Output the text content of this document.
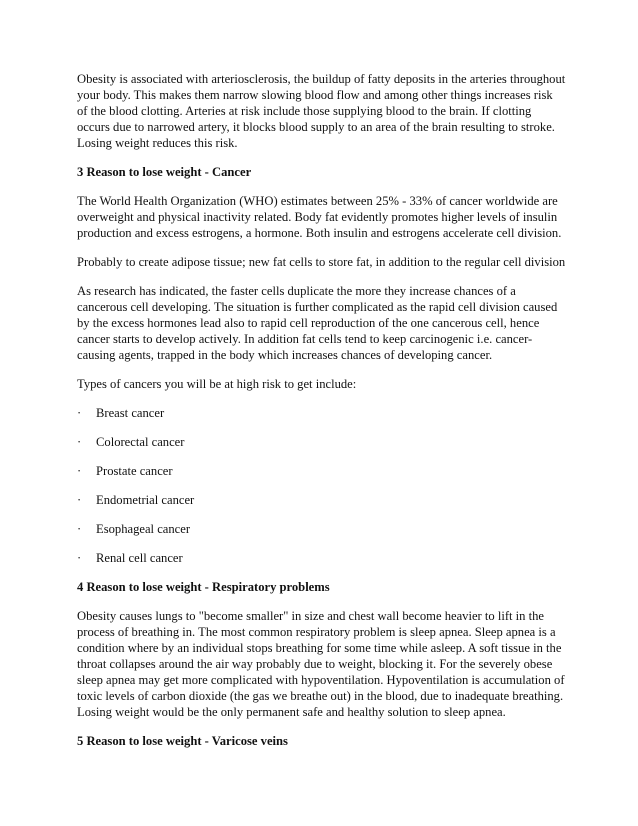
Obesity is associated with arteriosclerosis, the buildup of fatty deposits in the arteries throughout your body. This makes them narrow slowing blood flow and among other things increases risk of the blood clotting. Arteries at risk include those supplying blood to the brain. If clotting occurs due to narrowed artery, it blocks blood supply to an area of the brain resulting to stroke. Losing weight reduces this risk.

3 Reason to lose weight - Cancer

The World Health Organization (WHO) estimates between 25% - 33% of cancer worldwide are overweight and physical inactivity related. Body fat evidently promotes higher levels of insulin production and excess estrogens, a hormone. Both insulin and estrogens accelerate cell division.

Probably to create adipose tissue; new fat cells to store fat, in addition to the regular cell division

As research has indicated, the faster cells duplicate the more they increase chances of a cancerous cell developing. The situation is further complicated as the rapid cell division caused by the excess hormones lead also to rapid cell reproduction of the one cancerous cell, hence cancer starts to develop actively. In addition fat cells tend to keep carcinogenic i.e. cancer-causing agents, trapped in the body which increases chances of developing cancer.

Types of cancers you will be at high risk to get include:

·	Breast cancer
·	Colorectal cancer
·	Prostate cancer
·	Endometrial cancer
·	Esophageal cancer
·	Renal cell cancer

4 Reason to lose weight - Respiratory problems

Obesity causes lungs to "become smaller" in size and chest wall become heavier to lift in the process of breathing in. The most common respiratory problem is sleep apnea. Sleep apnea is a condition where by an individual stops breathing for some time while asleep. A soft tissue in the throat collapses around the air way probably due to weight, blocking it. For the severely obese sleep apnea may get more complicated with hypoventilation. Hypoventilation is accumulation of toxic levels of carbon dioxide (the gas we breathe out) in the blood, due to inadequate breathing. Losing weight would be the only permanent safe and healthy solution to sleep apnea.

5 Reason to lose weight - Varicose veins
